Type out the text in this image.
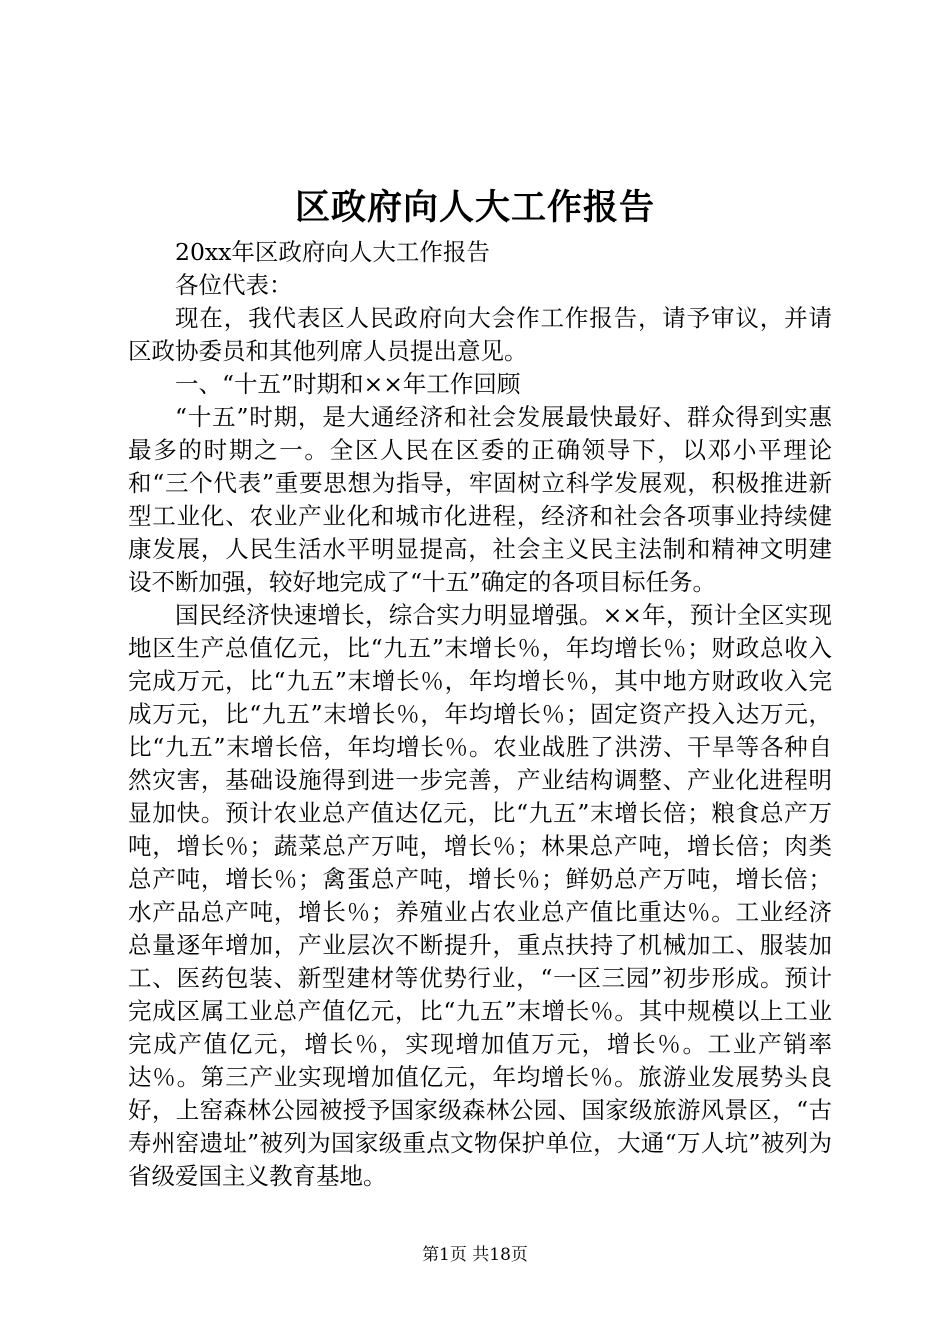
区政府向人大工作报告

20xx年区政府向人大工作报告

各位代表：

现在，我代表区人民政府向大会作工作报告，请予审议，并请区政协委员和其他列席人员提出意见。

一、“十五”时期和××年工作回顾

“十五”时期，是大通经济和社会发展最快最好、群众得到实惠最多的时期之一。全区人民在区委的正确领导下，以邓小平理论和“三个代表”重要思想为指导，牢固树立科学发展观，积极推进新型工业化、农业产业化和城市化进程，经济和社会各项事业持续健康发展，人民生活水平明显提高，社会主义民主法制和精神文明建设不断加强，较好地完成了“十五”确定的各项目标任务。

国民经济快速增长，综合实力明显增强。××年，预计全区实现地区生产总值亿元，比“九五”末增长％，年均增长％；财政总收入完成万元，比“九五”末增长％，年均增长％，其中地方财政收入完成万元，比“九五”末增长％，年均增长％；固定资产投入达万元，比“九五”末增长倍，年均增长％。农业战胜了洪涝、干旱等各种自然灾害，基础设施得到进一步完善，产业结构调整、产业化进程明显加快。预计农业总产值达亿元，比“九五”末增长倍；粮食总产万吨，增长％；蔬菜总产万吨，增长％；林果总产吨，增长倍；肉类总产吨，增长％；禽蛋总产吨，增长％；鲜奶总产万吨，增长倍；水产品总产吨，增长％；养殖业占农业总产值比重达％。工业经济总量逐年增加，产业层次不断提升，重点扶持了机械加工、服装加工、医药包装、新型建材等优势行业，“一区三园”初步形成。预计完成区属工业总产值亿元，比“九五”末增长％。其中规模以上工业完成产值亿元，增长％，实现增加值万元，增长％。工业产销率达％。第三产业实现增加值亿元，年均增长％。旅游业发展势头良好，上窑森林公园被授予国家级森林公园、国家级旅游风景区，“古寿州窑遗址”被列为国家级重点文物保护单位，大通“万人坑”被列为省级爱国主义教育基地。

第1页 共18页
